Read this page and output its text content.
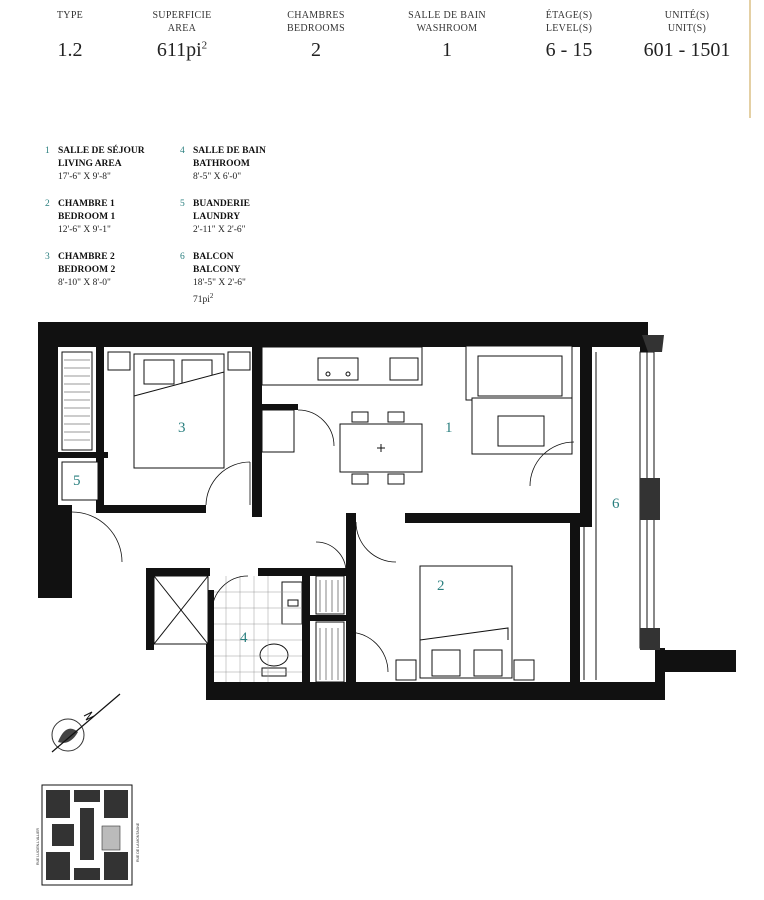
TYPE
1.2
SUPERFICIE
AREA
$611pi^2$
CHAMBRES
BEDROOMS
2
SALLE DE BAIN
WASHROOM
1
ÉTAGE(S)
LEVEL(S)
6 - 15
UNITÉ(S)
UNIT(S)
601 - 1501
1 SALLE DE SÉJOUR
LIVING AREA
17'-6" X 9'-8"
2 CHAMBRE 1
BEDROOM 1
12'-6" X 9'-1"
3 CHAMBRE 2
BEDROOM 2
8'-10" X 8'-0"
4 SALLE DE BAIN
BATHROOM
8'-5" X 6'-0"
5 BUANDERIE
LAUNDRY
2'-11" X 2'-6"
6 BALCON
BALCONY
18'-5" X 2'-6"
$71pi^2$
1
2
3
4
5
6
RUE LUCIEN-L'ALLIER	RUE DE LA MONTAGNE
